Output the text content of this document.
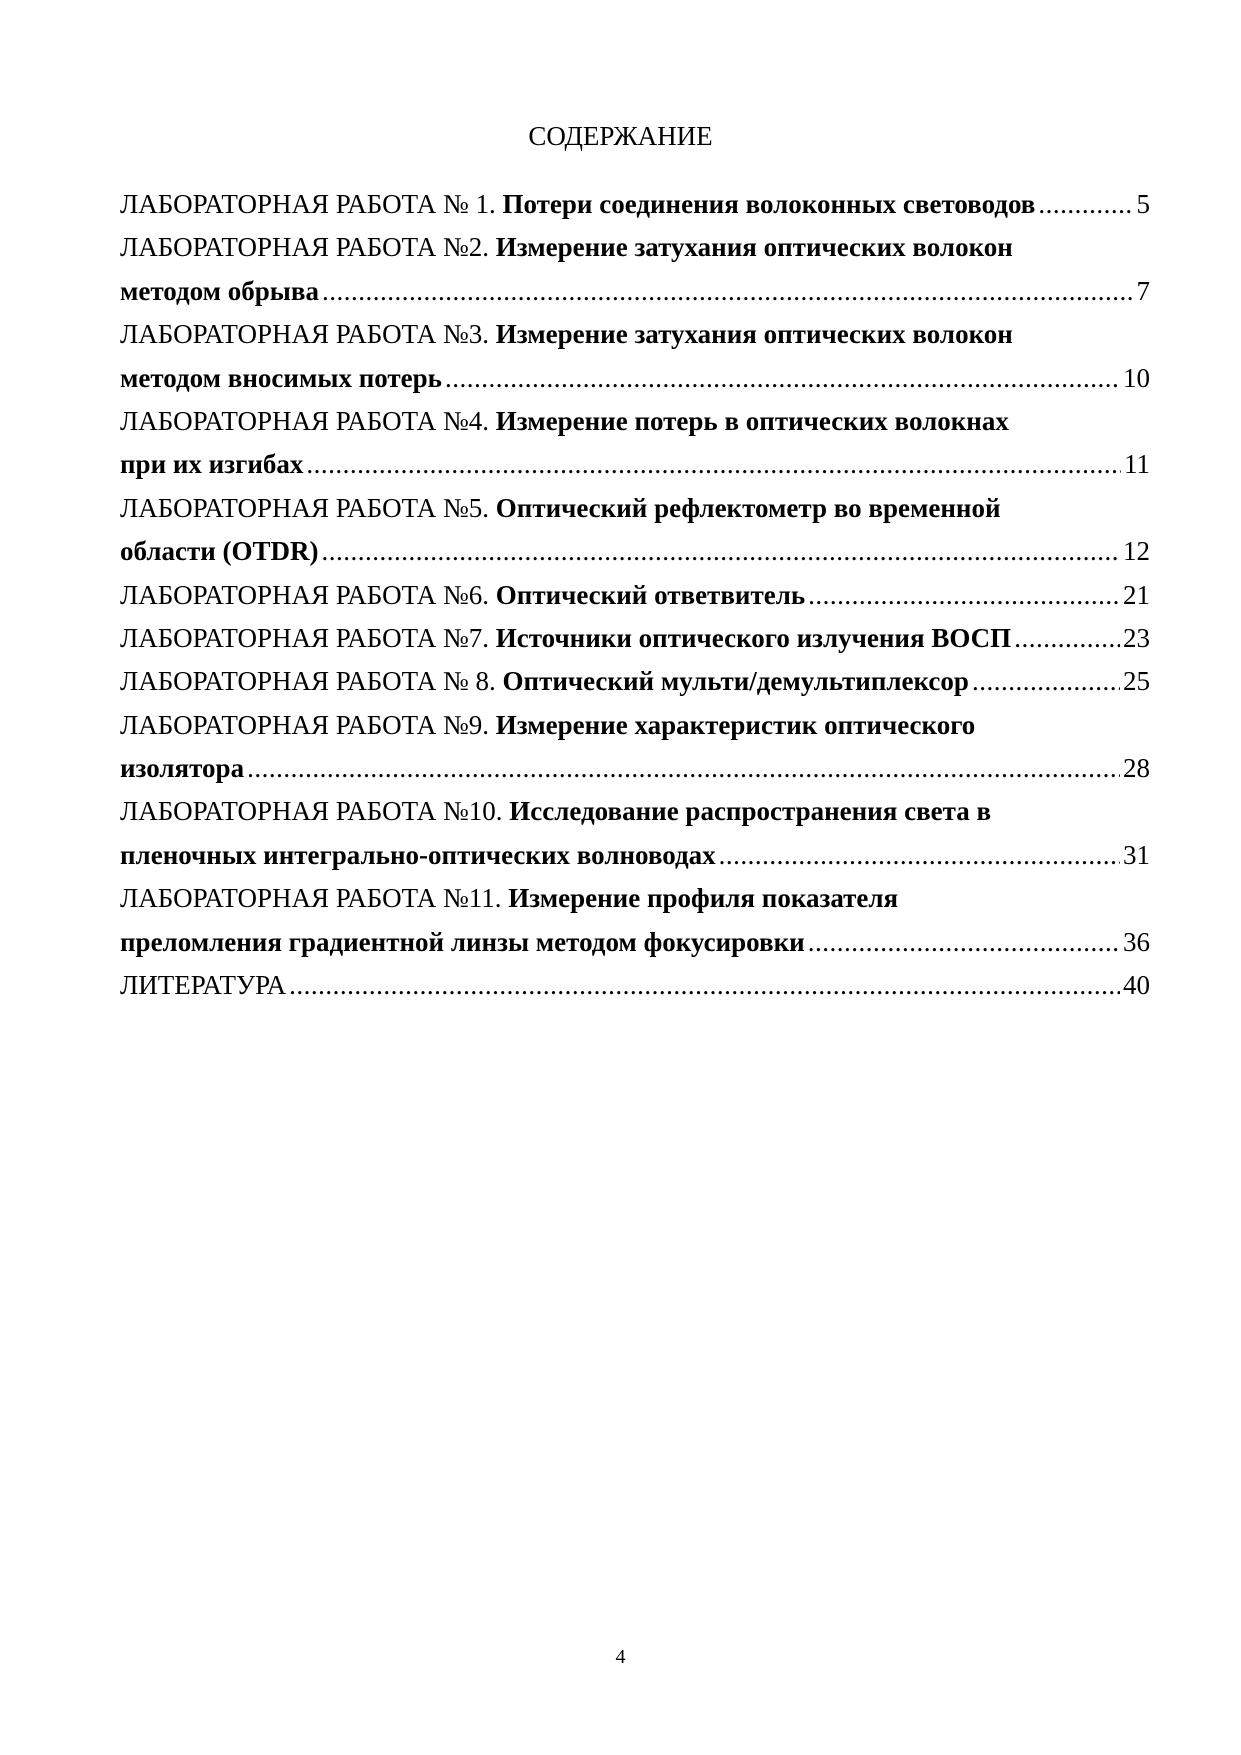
СОДЕРЖАНИЕ
ЛАБОРАТОРНАЯ РАБОТА № 1.
Потери соединения волоконных световодов .....	5
ЛАБОРАТОРНАЯ РАБОТА №2.
Измерение затухания оптических волокон
методом обрыва .....	7
ЛАБОРАТОРНАЯ РАБОТА №3.
Измерение затухания оптических волокон
методом вносимых потерь .....	10
ЛАБОРАТОРНАЯ РАБОТА №4.
Измерение потерь в оптических волокнах
при их изгибах .....	11
ЛАБОРАТОРНАЯ РАБОТА №5.
Оптический рефлектометр во временной
области (OTDR) .....	12
ЛАБОРАТОРНАЯ РАБОТА №6.
Оптический ответвитель .....	21
ЛАБОРАТОРНАЯ РАБОТА №7.
Источники оптического излучения ВОСП .....	23
ЛАБОРАТОРНАЯ РАБОТА № 8.
Оптический мульти/демультиплексор .....	25
ЛАБОРАТОРНАЯ РАБОТА №9.
Измерение характеристик оптического
изолятора .....	28
ЛАБОРАТОРНАЯ РАБОТА №10.
Исследование распространения света в
пленочных интегрально-оптических волноводах .....	31
ЛАБОРАТОРНАЯ РАБОТА №11.
Измерение профиля показателя
преломления градиентной линзы методом фокусировки .....	36
ЛИТЕРАТУРА .....	40
4
